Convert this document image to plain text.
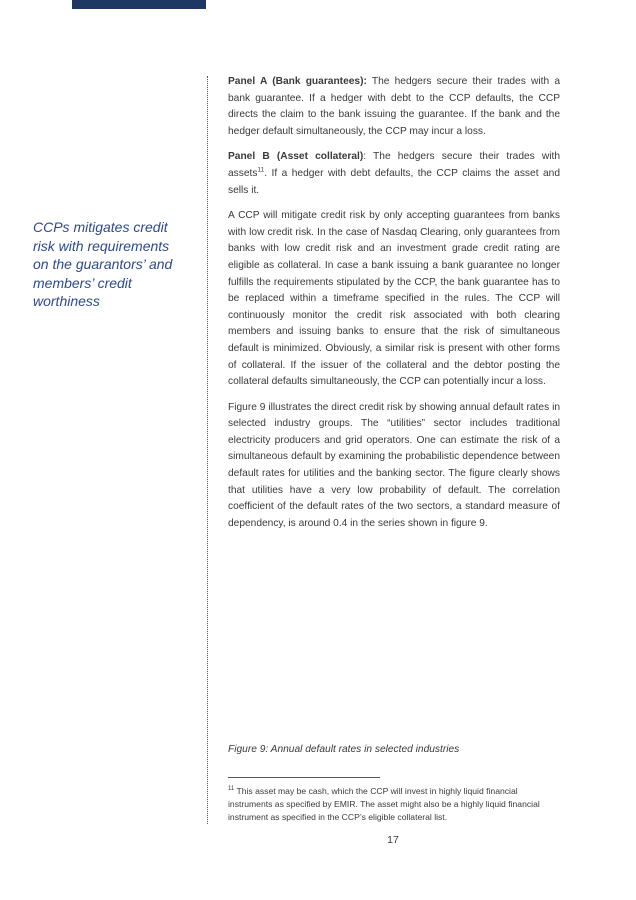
CCPs mitigates credit risk with requirements on the guarantors’ and members’ credit worthiness

Panel A (Bank guarantees): The hedgers secure their trades with a bank guarantee. If a hedger with debt to the CCP defaults, the CCP directs the claim to the bank issuing the guarantee. If the bank and the hedger default simultaneously, the CCP may incur a loss.

Panel B (Asset collateral): The hedgers secure their trades with assets$^{11}$. If a hedger with debt defaults, the CCP claims the asset and sells it.

A CCP will mitigate credit risk by only accepting guarantees from banks with low credit risk. In the case of Nasdaq Clearing, only guarantees from banks with low credit risk and an investment grade credit rating are eligible as collateral. In case a bank issuing a bank guarantee no longer fulfills the requirements stipulated by the CCP, the bank guarantee has to be replaced within a timeframe specified in the rules. The CCP will continuously monitor the credit risk associated with both clearing members and issuing banks to ensure that the risk of simultaneous default is minimized. Obviously, a similar risk is present with other forms of collateral. If the issuer of the collateral and the debtor posting the collateral defaults simultaneously, the CCP can potentially incur a loss.

Figure 9 illustrates the direct credit risk by showing annual default rates in selected industry groups. The “utilities” sector includes traditional electricity producers and grid operators. One can estimate the risk of a simultaneous default by examining the probabilistic dependence between default rates for utilities and the banking sector. The figure clearly shows that utilities have a very low probability of default. The correlation coefficient of the default rates of the two sectors, a standard measure of dependency, is around 0.4 in the series shown in figure 9.

Figure 9: Annual default rates in selected industries
$^{11}$ This asset may be cash, which the CCP will invest in highly liquid financial instruments as specified by EMIR. The asset might also be a highly liquid financial instrument as specified in the CCP’s eligible collateral list.
17
